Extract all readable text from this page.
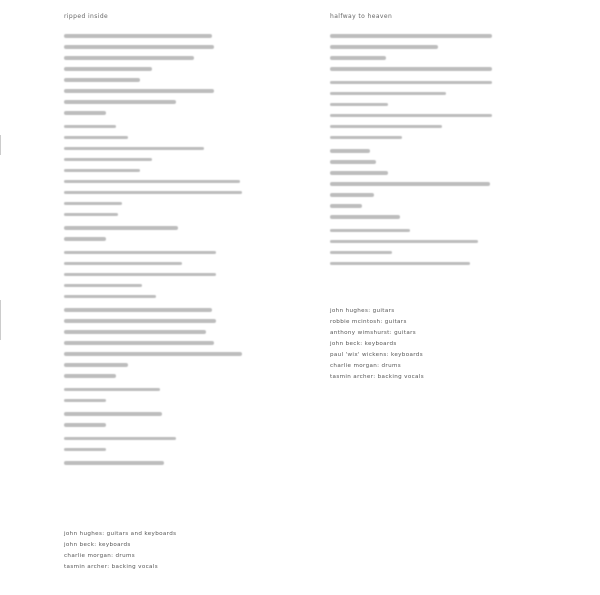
ripped inside
john hughes: guitars and keyboards
john beck: keyboards
charlie morgan: drums
tasmin archer: backing vocals
halfway to heaven
john hughes: guitars
robbie mcintosh: guitars
anthony wimshurst: guitars
john beck: keyboards
paul 'wix' wickens: keyboards
charlie morgan: drums
tasmin archer: backing vocals
